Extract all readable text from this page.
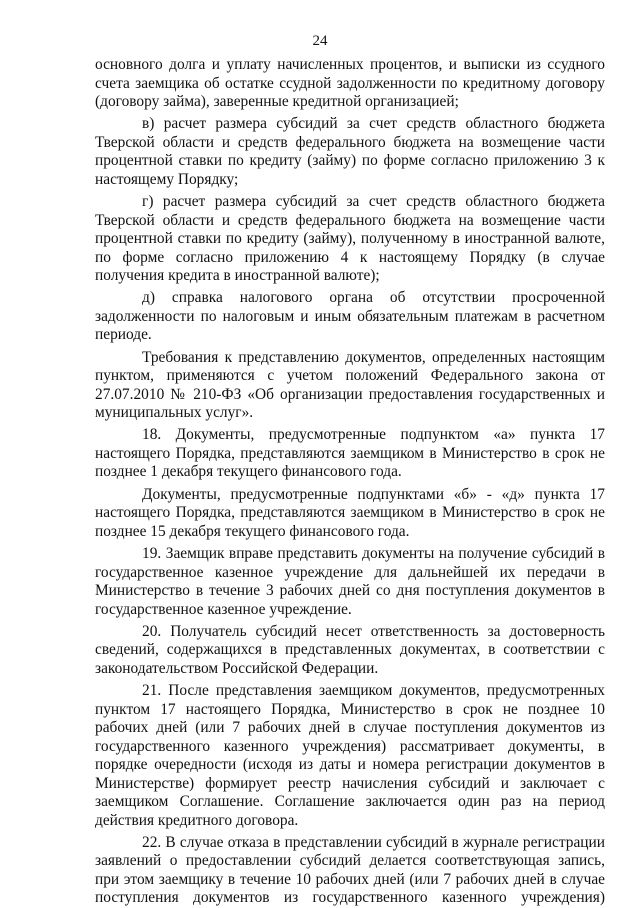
24

основного долга и уплату начисленных процентов, и выписки из ссудного счета заемщика об остатке ссудной задолженности по кредитному договору (договору займа), заверенные кредитной организацией;

в) расчет размера субсидий за счет средств областного бюджета Тверской области и средств федерального бюджета на возмещение части процентной ставки по кредиту (займу) по форме согласно приложению 3 к настоящему Порядку;

г) расчет размера субсидий за счет средств областного бюджета Тверской области и средств федерального бюджета на возмещение части процентной ставки по кредиту (займу), полученному в иностранной валюте, по форме согласно приложению 4 к настоящему Порядку (в случае получения кредита в иностранной валюте);

д) справка налогового органа об отсутствии просроченной задолженности по налоговым и иным обязательным платежам в расчетном периоде.

Требования к представлению документов, определенных настоящим пунктом, применяются с учетом положений Федерального закона от 27.07.2010 № 210-ФЗ «Об организации предоставления государственных и муниципальных услуг».

18. Документы, предусмотренные подпунктом «а» пункта 17 настоящего Порядка, представляются заемщиком в Министерство в срок не позднее 1 декабря текущего финансового года.

Документы, предусмотренные подпунктами «б» - «д» пункта 17 настоящего Порядка, представляются заемщиком в Министерство в срок не позднее 15 декабря текущего финансового года.

19. Заемщик вправе представить документы на получение субсидий в государственное казенное учреждение для дальнейшей их передачи в Министерство в течение 3 рабочих дней со дня поступления документов в государственное казенное учреждение.

20. Получатель субсидий несет ответственность за достоверность сведений, содержащихся в представленных документах, в соответствии с законодательством Российской Федерации.

21. После представления заемщиком документов, предусмотренных пунктом 17 настоящего Порядка, Министерство в срок не позднее 10 рабочих дней (или 7 рабочих дней в случае поступления документов из государственного казенного учреждения) рассматривает документы, в порядке очередности (исходя из даты и номера регистрации документов в Министерстве) формирует реестр начисления субсидий и заключает с заемщиком Соглашение. Соглашение заключается один раз на период действия кредитного договора.

22. В случае отказа в представлении субсидий в журнале регистрации заявлений о предоставлении субсидий делается соответствующая запись, при этом заемщику в течение 10 рабочих дней (или 7 рабочих дней в случае поступления документов из государственного казенного учреждения)
